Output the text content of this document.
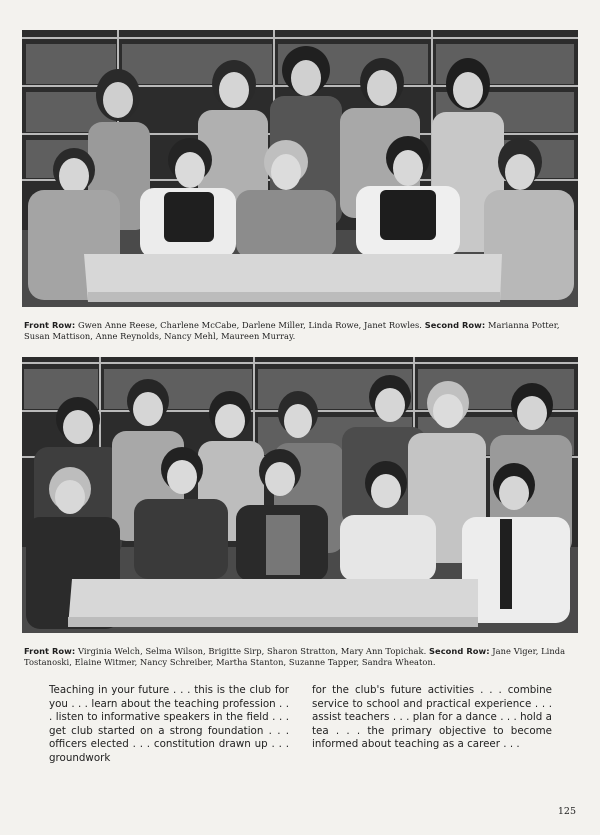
Front Row: Gwen Anne Reese, Charlene McCabe, Darlene Miller, Linda Rowe, Janet Rowles. Second Row: Marianna Potter, Susan Mattison, Anne Reynolds, Nancy Mehl, Maureen Murray.
Front Row: Virginia Welch, Selma Wilson, Brigitte Sirp, Sharon Stratton, Mary Ann Topichak. Second Row: Jane Viger, Linda Tostanoski, Elaine Witmer, Nancy Schreiber, Martha Stanton, Suzanne Tapper, Sandra Wheaton.
Teaching in your future . . . this is the club for you . . . learn about the teaching profession . . . listen to informative speakers in the field . . . get club started on a strong foundation . . . officers elected . . . constitution drawn up . . . groundwork
for the club's future activities . . . combine service to school and practical experience . . . assist teachers . . . plan for a dance . . . hold a tea . . . the primary objective to become informed about teaching as a career . . .
125
